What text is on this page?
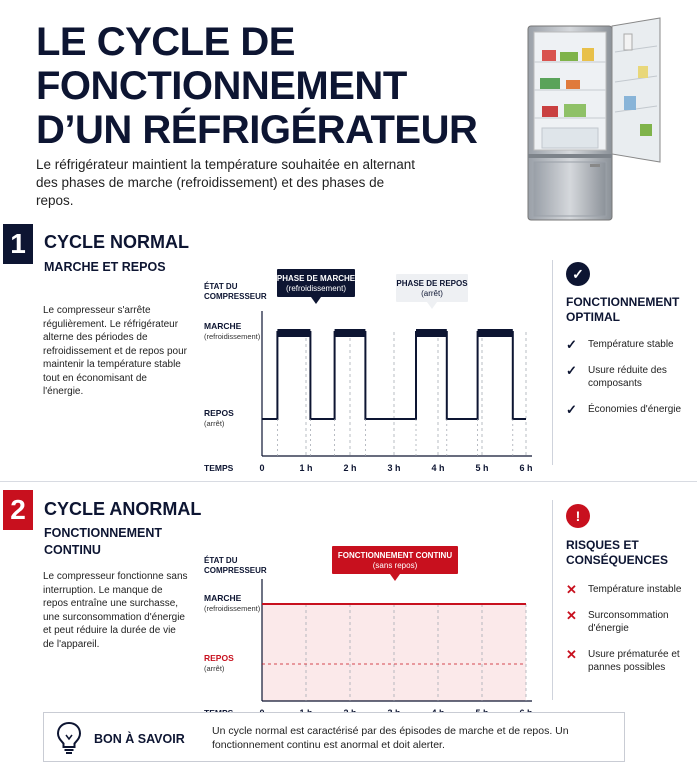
LE CYCLE DE
FONCTIONNEMENT
D’UN RÉFRIGÉRATEUR
Le réfrigérateur maintient la température souhaitée en alternant des phases de marche (refroidissement) et des phases de repos.
1	CYCLE NORMAL
MARCHE ET REPOS
Le compresseur s'arrête régulièrement. Le réfrigérateur alterne des périodes de refroidissement et de repos pour maintenir la température stable tout en économisant de l'énergie.
ÉTAT DU
COMPRESSEUR
0	1 h	2 h	3 h	4 h	5 h	6 h
TEMPS
MARCHE
(refroidissement)
REPOS
(arrêt)
PHASE DE MARCHE
(refroidissement)
PHASE DE REPOS
(arrêt)
✓
FONCTIONNEMENT OPTIMAL
✓	Température stable
✓	Usure réduite des composants
✓	Économies d'énergie
2	CYCLE ANORMAL
FONCTIONNEMENT CONTINU
Le compresseur fonctionne sans interruption. Le manque de repos entraîne une surchasse, une surconsommation d'énergie et peut réduire la durée de vie de l'appareil.
ÉTAT DU
COMPRESSEUR
MARCHE
(refroidissement)
REPOS
(arrêt)
FONCTIONNEMENT CONTINU
(sans repos)
!
RISQUES ET CONSÉQUENCES
✕	Température instable
✕	Surconsommation d'énergie
✕	Usure prématurée et pannes possibles
BON À SAVOIR
Un cycle normal est caractérisé par des épisodes de marche et de repos. Un fonctionnement continu est anormal et doit alerter.
